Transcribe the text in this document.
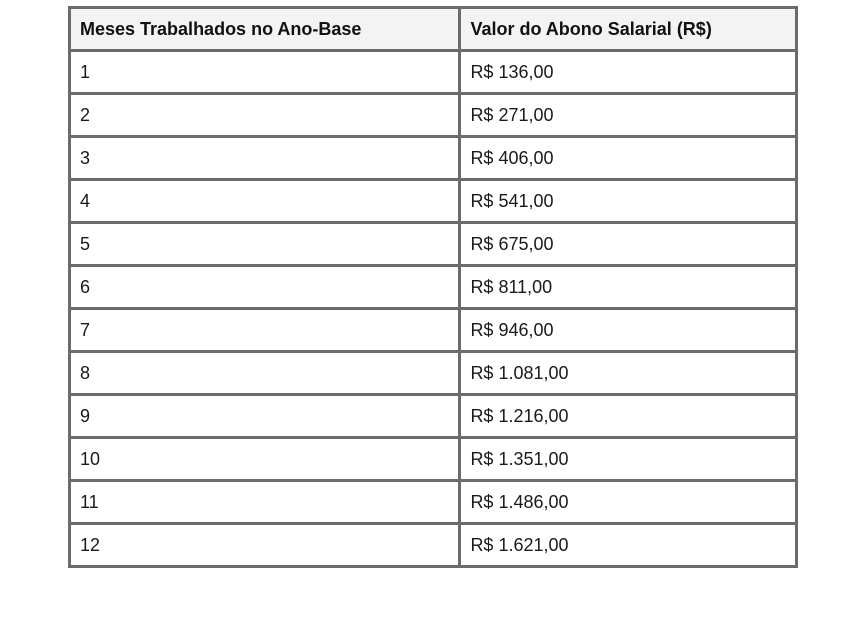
Meses Trabalhados no Ano-Base	Valor do Abono Salarial (R$)
1	R$ 136,00
2	R$ 271,00
3	R$ 406,00
4	R$ 541,00
5	R$ 675,00
6	R$ 811,00
7	R$ 946,00
8	R$ 1.081,00
9	R$ 1.216,00
10	R$ 1.351,00
11	R$ 1.486,00
12	R$ 1.621,00
